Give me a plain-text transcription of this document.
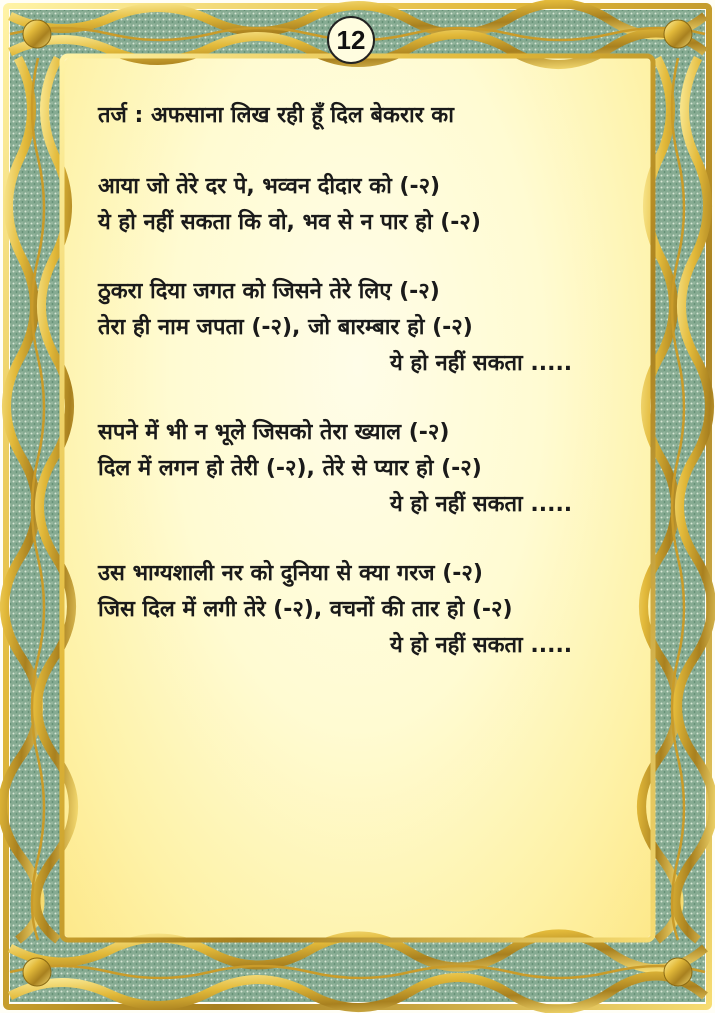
12
तर्ज : अफसाना लिख रही हूँ दिल बेकरार का
आया जो तेरे दर पे, भव्वन दीदार को (-२)
ये हो नहीं सकता कि वो, भव से न पार हो (-२)
ठुकरा दिया जगत को जिसने तेरे लिए (-२)
तेरा ही नाम जपता (-२), जो बारम्बार हो (-२)
ये हो नहीं सकता .....
सपने में भी न भूले जिसको तेरा ख्याल (-२)
दिल में लगन हो तेरी (-२), तेरे से प्यार हो (-२)
ये हो नहीं सकता .....
उस भाग्यशाली नर को दुनिया से क्या गरज (-२)
जिस दिल में लगी तेरे (-२), वचनों की तार हो (-२)
ये हो नहीं सकता .....
